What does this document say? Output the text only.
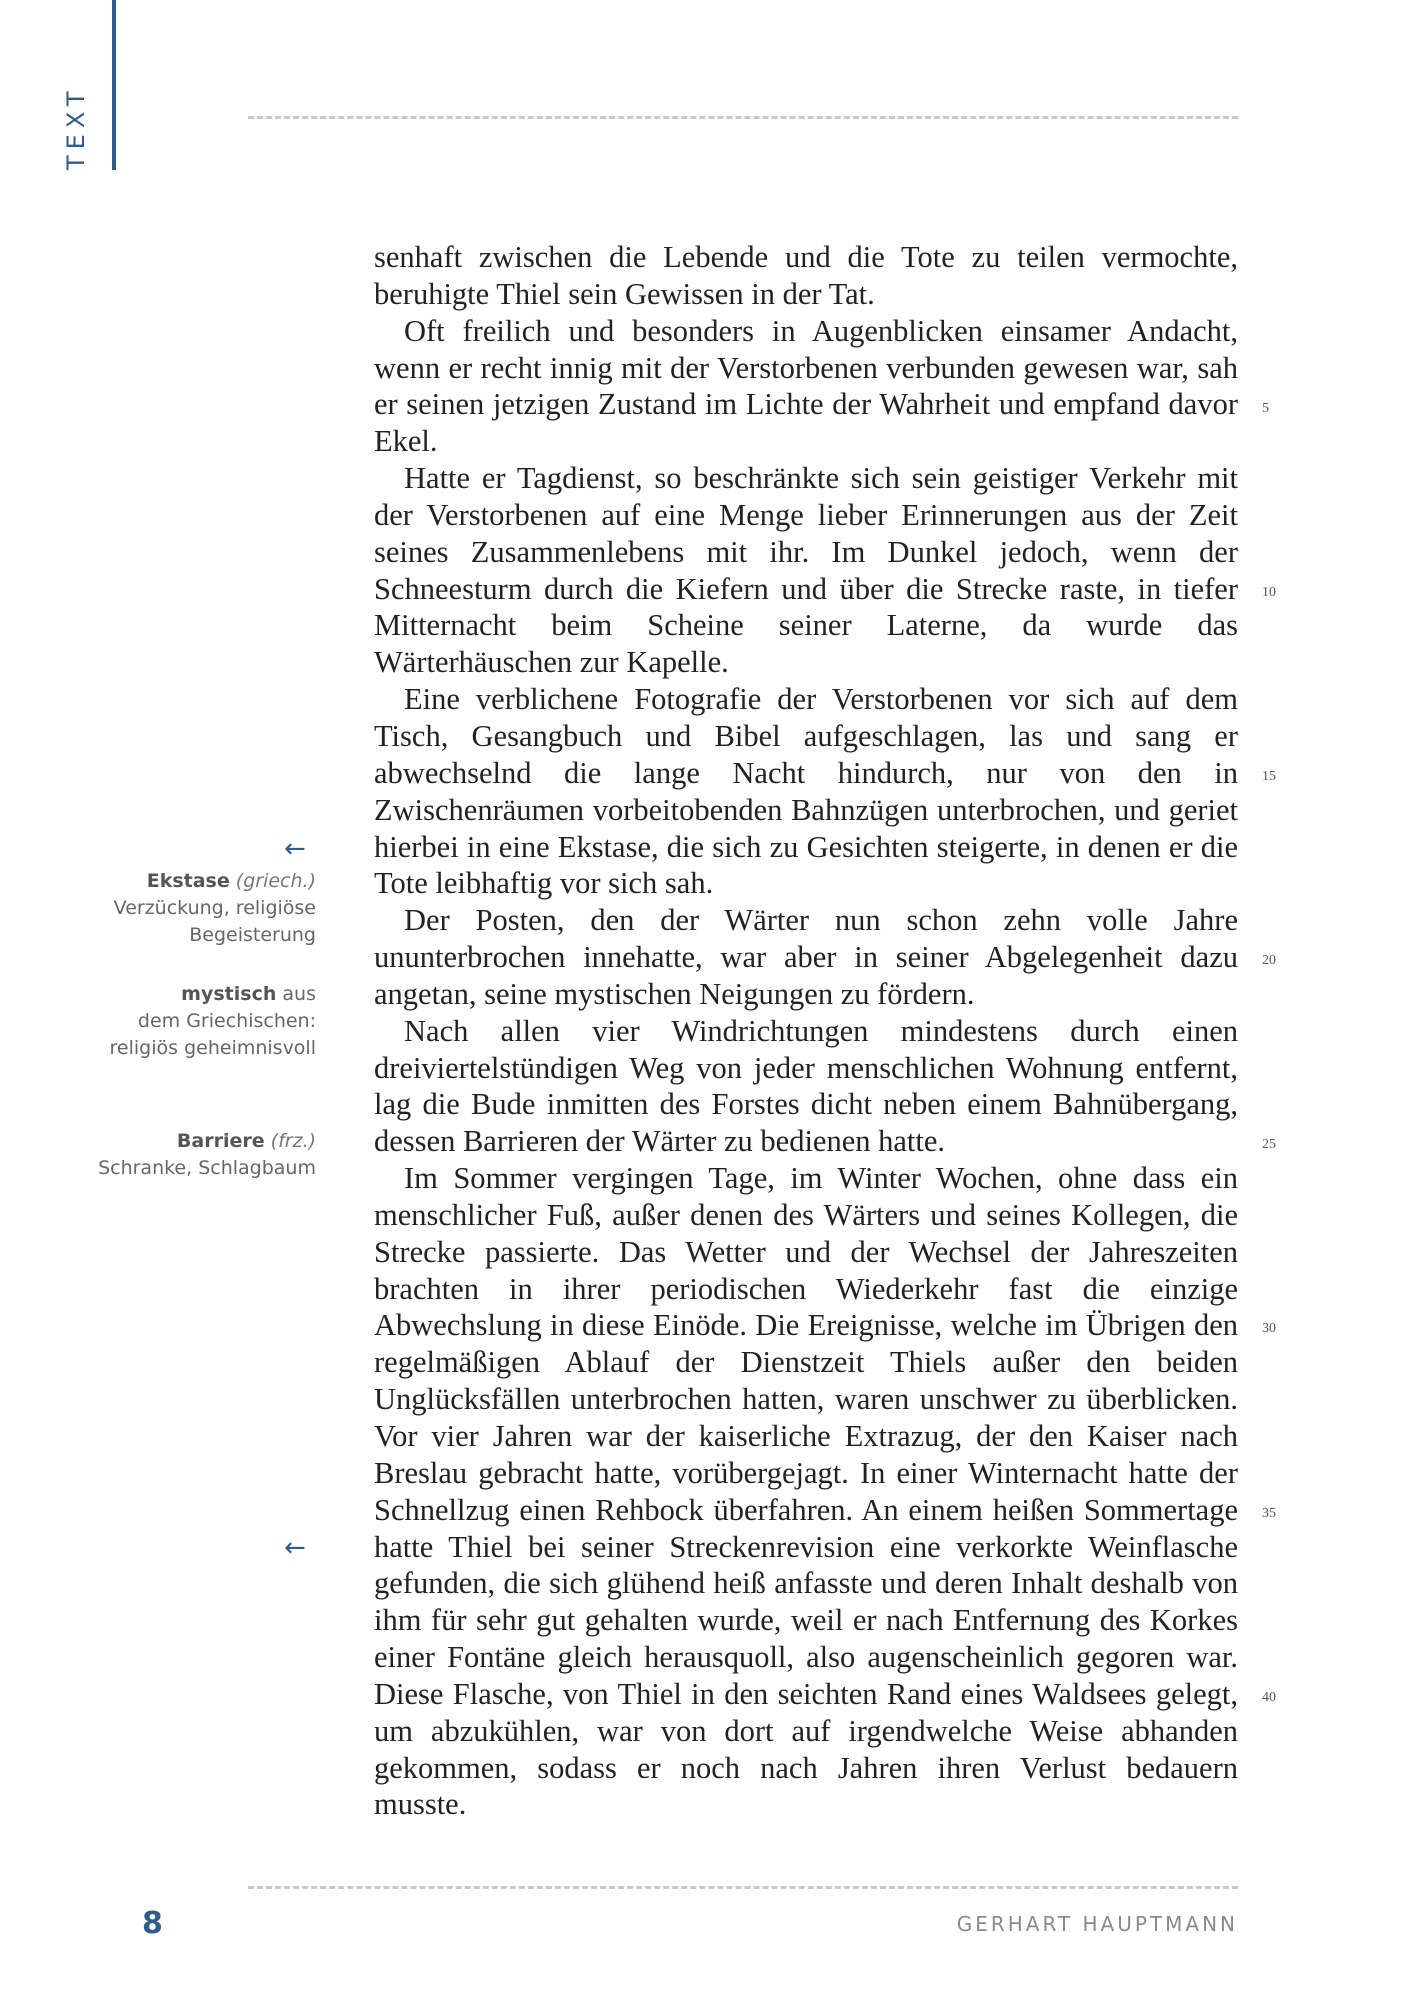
TEXT

senhaft zwischen die Lebende und die Tote zu teilen vermochte, beruhigte Thiel sein Gewissen in der Tat.

Oft freilich und besonders in Augenblicken einsamer Andacht, wenn er recht innig mit der Verstorbenen verbunden gewesen war, sah er seinen jetzigen Zustand im Lichte der Wahrheit und empfand davor Ekel.

Hatte er Tagdienst, so beschränkte sich sein geistiger Verkehr mit der Verstorbenen auf eine Menge lieber Erinnerungen aus der Zeit seines Zusammenlebens mit ihr. Im Dunkel jedoch, wenn der Schneesturm durch die Kiefern und über die Strecke raste, in tiefer Mitternacht beim Scheine seiner Laterne, da wurde das Wärterhäuschen zur Kapelle.

Eine verblichene Fotografie der Verstorbenen vor sich auf dem Tisch, Gesangbuch und Bibel aufgeschlagen, las und sang er abwechselnd die lange Nacht hindurch, nur von den in Zwischenräumen vorbeitobenden Bahnzügen unterbrochen, und geriet hierbei in eine Ekstase, die sich zu Gesichten steigerte, in denen er die Tote leibhaftig vor sich sah.

Der Posten, den der Wärter nun schon zehn volle Jahre ununterbrochen innehatte, war aber in seiner Abgelegenheit dazu angetan, seine mystischen Neigungen zu fördern.

Nach allen vier Windrichtungen mindestens durch einen dreiviertelstündigen Weg von jeder menschlichen Wohnung entfernt, lag die Bude inmitten des Forstes dicht neben einem Bahnübergang, dessen Barrieren der Wärter zu bedienen hatte.

Im Sommer vergingen Tage, im Winter Wochen, ohne dass ein menschlicher Fuß, außer denen des Wärters und seines Kollegen, die Strecke passierte. Das Wetter und der Wechsel der Jahreszeiten brachten in ihrer periodischen Wiederkehr fast die einzige Abwechslung in diese Einöde. Die Ereignisse, welche im Übrigen den regelmäßigen Ablauf der Dienstzeit Thiels außer den beiden Unglücksfällen unterbrochen hatten, waren unschwer zu überblicken. Vor vier Jahren war der kaiserliche Extrazug, der den Kaiser nach Breslau gebracht hatte, vorübergejagt. In einer Winternacht hatte der Schnellzug einen Rehbock überfahren. An einem heißen Sommertage hatte Thiel bei seiner Streckenrevision eine verkorkte Weinflasche gefunden, die sich glühend heiß anfasste und deren Inhalt deshalb von ihm für sehr gut gehalten wurde, weil er nach Entfernung des Korkes einer Fontäne gleich herausquoll, also augenscheinlich gegoren war. Diese Flasche, von Thiel in den seichten Rand eines Waldsees gelegt, um abzukühlen, war von dort auf irgendwelche Weise abhanden gekommen, sodass er noch nach Jahren ihren Verlust bedauern musste.

5
10
15
20
25
30
35
40
←
←
Ekstase (griech.)
Verzückung, religiöse Begeisterung
mystisch aus
dem Griechischen: religiös geheimnisvoll
Barriere (frz.)
Schranke, Schlagbaum
8	GERHART HAUPTMANN
